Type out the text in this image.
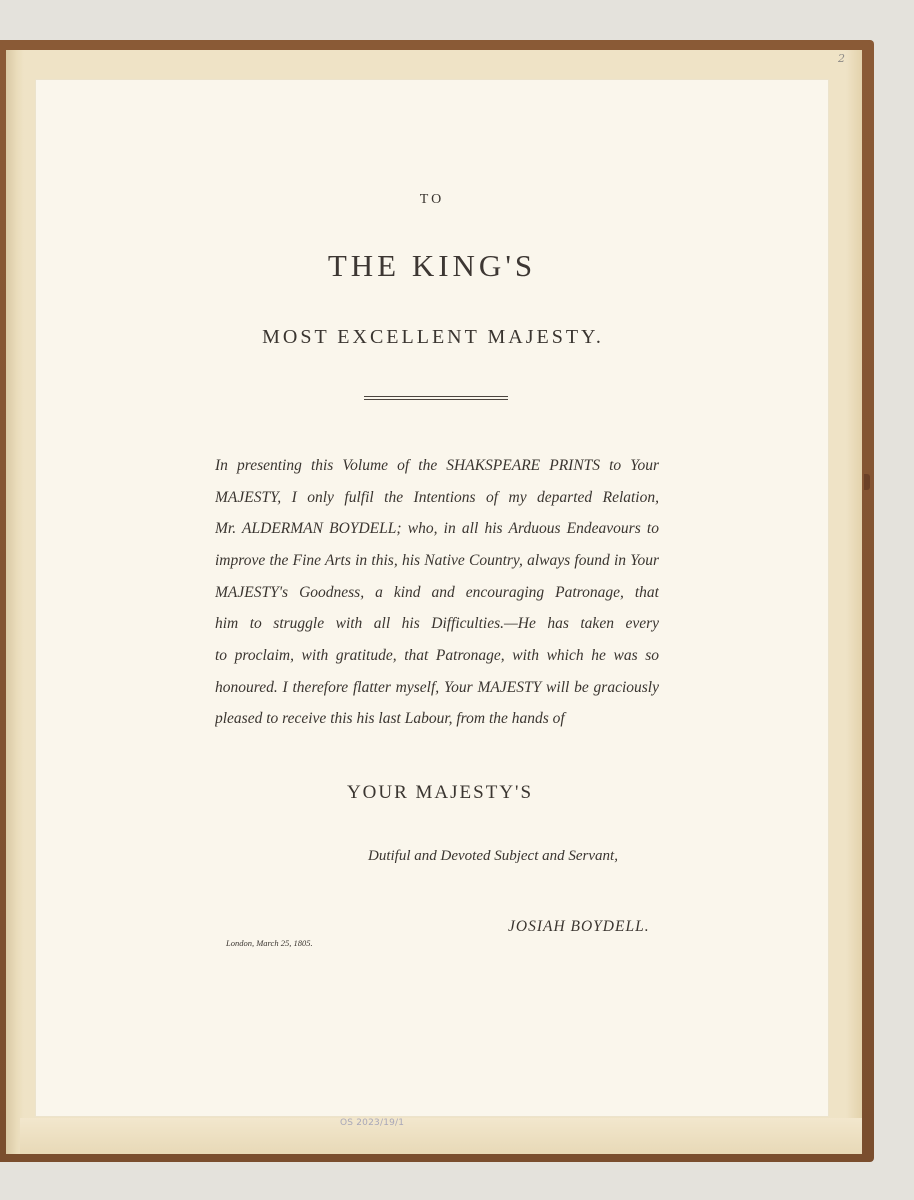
2
OS 2023/19/1
TO
THE KING'S
MOST EXCELLENT MAJESTY.
In presenting this Volume of the SHAKSPEARE PRINTS to Your
MAJESTY, I only fulfil the Intentions of my departed Relation,
Mr. ALDERMAN BOYDELL; who, in all his Arduous Endeavours to
improve the Fine Arts in this, his Native Country, always found in Your
MAJESTY's Goodness, a kind and encouraging Patronage, that
him to struggle with all his Difficulties.—He has taken every
to proclaim, with gratitude, that Patronage, with which he was so
honoured. I therefore flatter myself, Your MAJESTY will be graciously
pleased to receive this his last Labour, from the hands of
YOUR MAJESTY'S
Dutiful and Devoted Subject and Servant,
JOSIAH BOYDELL.
London, March 25, 1805.
